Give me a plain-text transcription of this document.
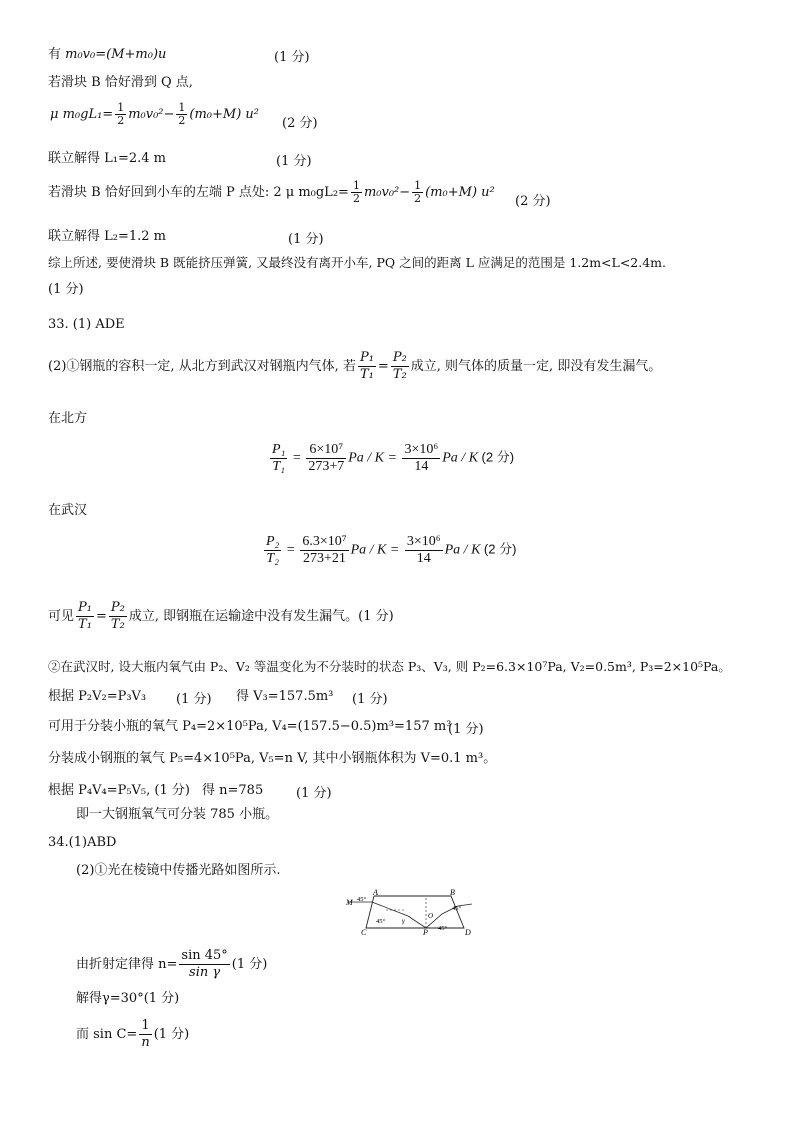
有 m₀v₀=(M+m₀)u	(1 分)
若滑块 B 恰好滑到 Q 点,
μ $m_0gL_1= \frac{1}{2} m_0v_0^2- \frac{1}{2} (m_0+M)$ u²
(2 分)
联立解得 L₁=2.4 m	(1 分)
若滑块 B 恰好回到小车的左端 P 点处: 2 μ $m_0gL_2= \frac{1}{2} m_0v_0^2- \frac{1}{2} (m_0+M)$ u²
(2 分)
联立解得 L₂=1.2 m	(1 分)
综上所述, 要使滑块 B 既能挤压弹簧, 又最终没有离开小车, PQ 之间的距离 L 应满足的范围是 1.2m<L<2.4m.
(1 分)
33. (1) ADE
(2)①钢瓶的容积一定, 从北方到武汉对钢瓶内气体, 若 $\frac{\text{P₁}}{\text{T₁}} = \frac{\text{P₂}}{\text{T₂}}$ 成立, 则气体的质量一定, 即没有发生漏气。
在北方
$\frac{\text{P₁}}{\text{T₁}} = \frac{\text{6×10⁷}}{273+7}$ $Pa / K = \frac{\text{3×10⁶}}{14}$ Pa / K (2 分)
在武汉
$\frac{\text{P₂}}{\text{T₂}} = \frac{\text{6.3×10⁷}}{273+21}$ $Pa / K = \frac{\text{3×10⁶}}{14}$ Pa / K (2 分)
可见 $\frac{\text{P₁}}{\text{T₁}} = \frac{\text{P₂}}{\text{T₂}}$ 成立, 即钢瓶在运输途中没有发生漏气。(1 分)
②在武汉时, 设大瓶内氧气由 P₂、V₂ 等温变化为不分装时的状态 P₃、V₃, 则 P₂=6.3×10⁷Pa, V₂=0.5m³, P₃=2×10⁵Pa。
根据 P₂V₂=P₃V₃ (1 分) 得 V₃=157.5m³ (1 分)
可用于分装小瓶的氧气 P₄=2×10⁵Pa, V₄=(157.5−0.5)m³=157 m³
(1 分)
分装成小钢瓶的氧气 P₅=4×10⁵Pa, V₅=n V, 其中小钢瓶体积为 V=0.1 m³。
根据 P₄V₄=P₅V₅, (1 分) 得 n=785	(1 分)
即一大钢瓶氧气可分装 785 小瓶。
34.(1)ABD
(2)①光在棱镜中传播光路如图所示.
M
A	B
C	D
P
O
45°
45°
45°
45°
γ
由折射定律得 $n= \frac{\sin 45^\circ}{\text{sin γ}} (1$ 分)
解得γ=30°(1 分)
而 $\sin C= \frac{1}{n} (1$ 分)
